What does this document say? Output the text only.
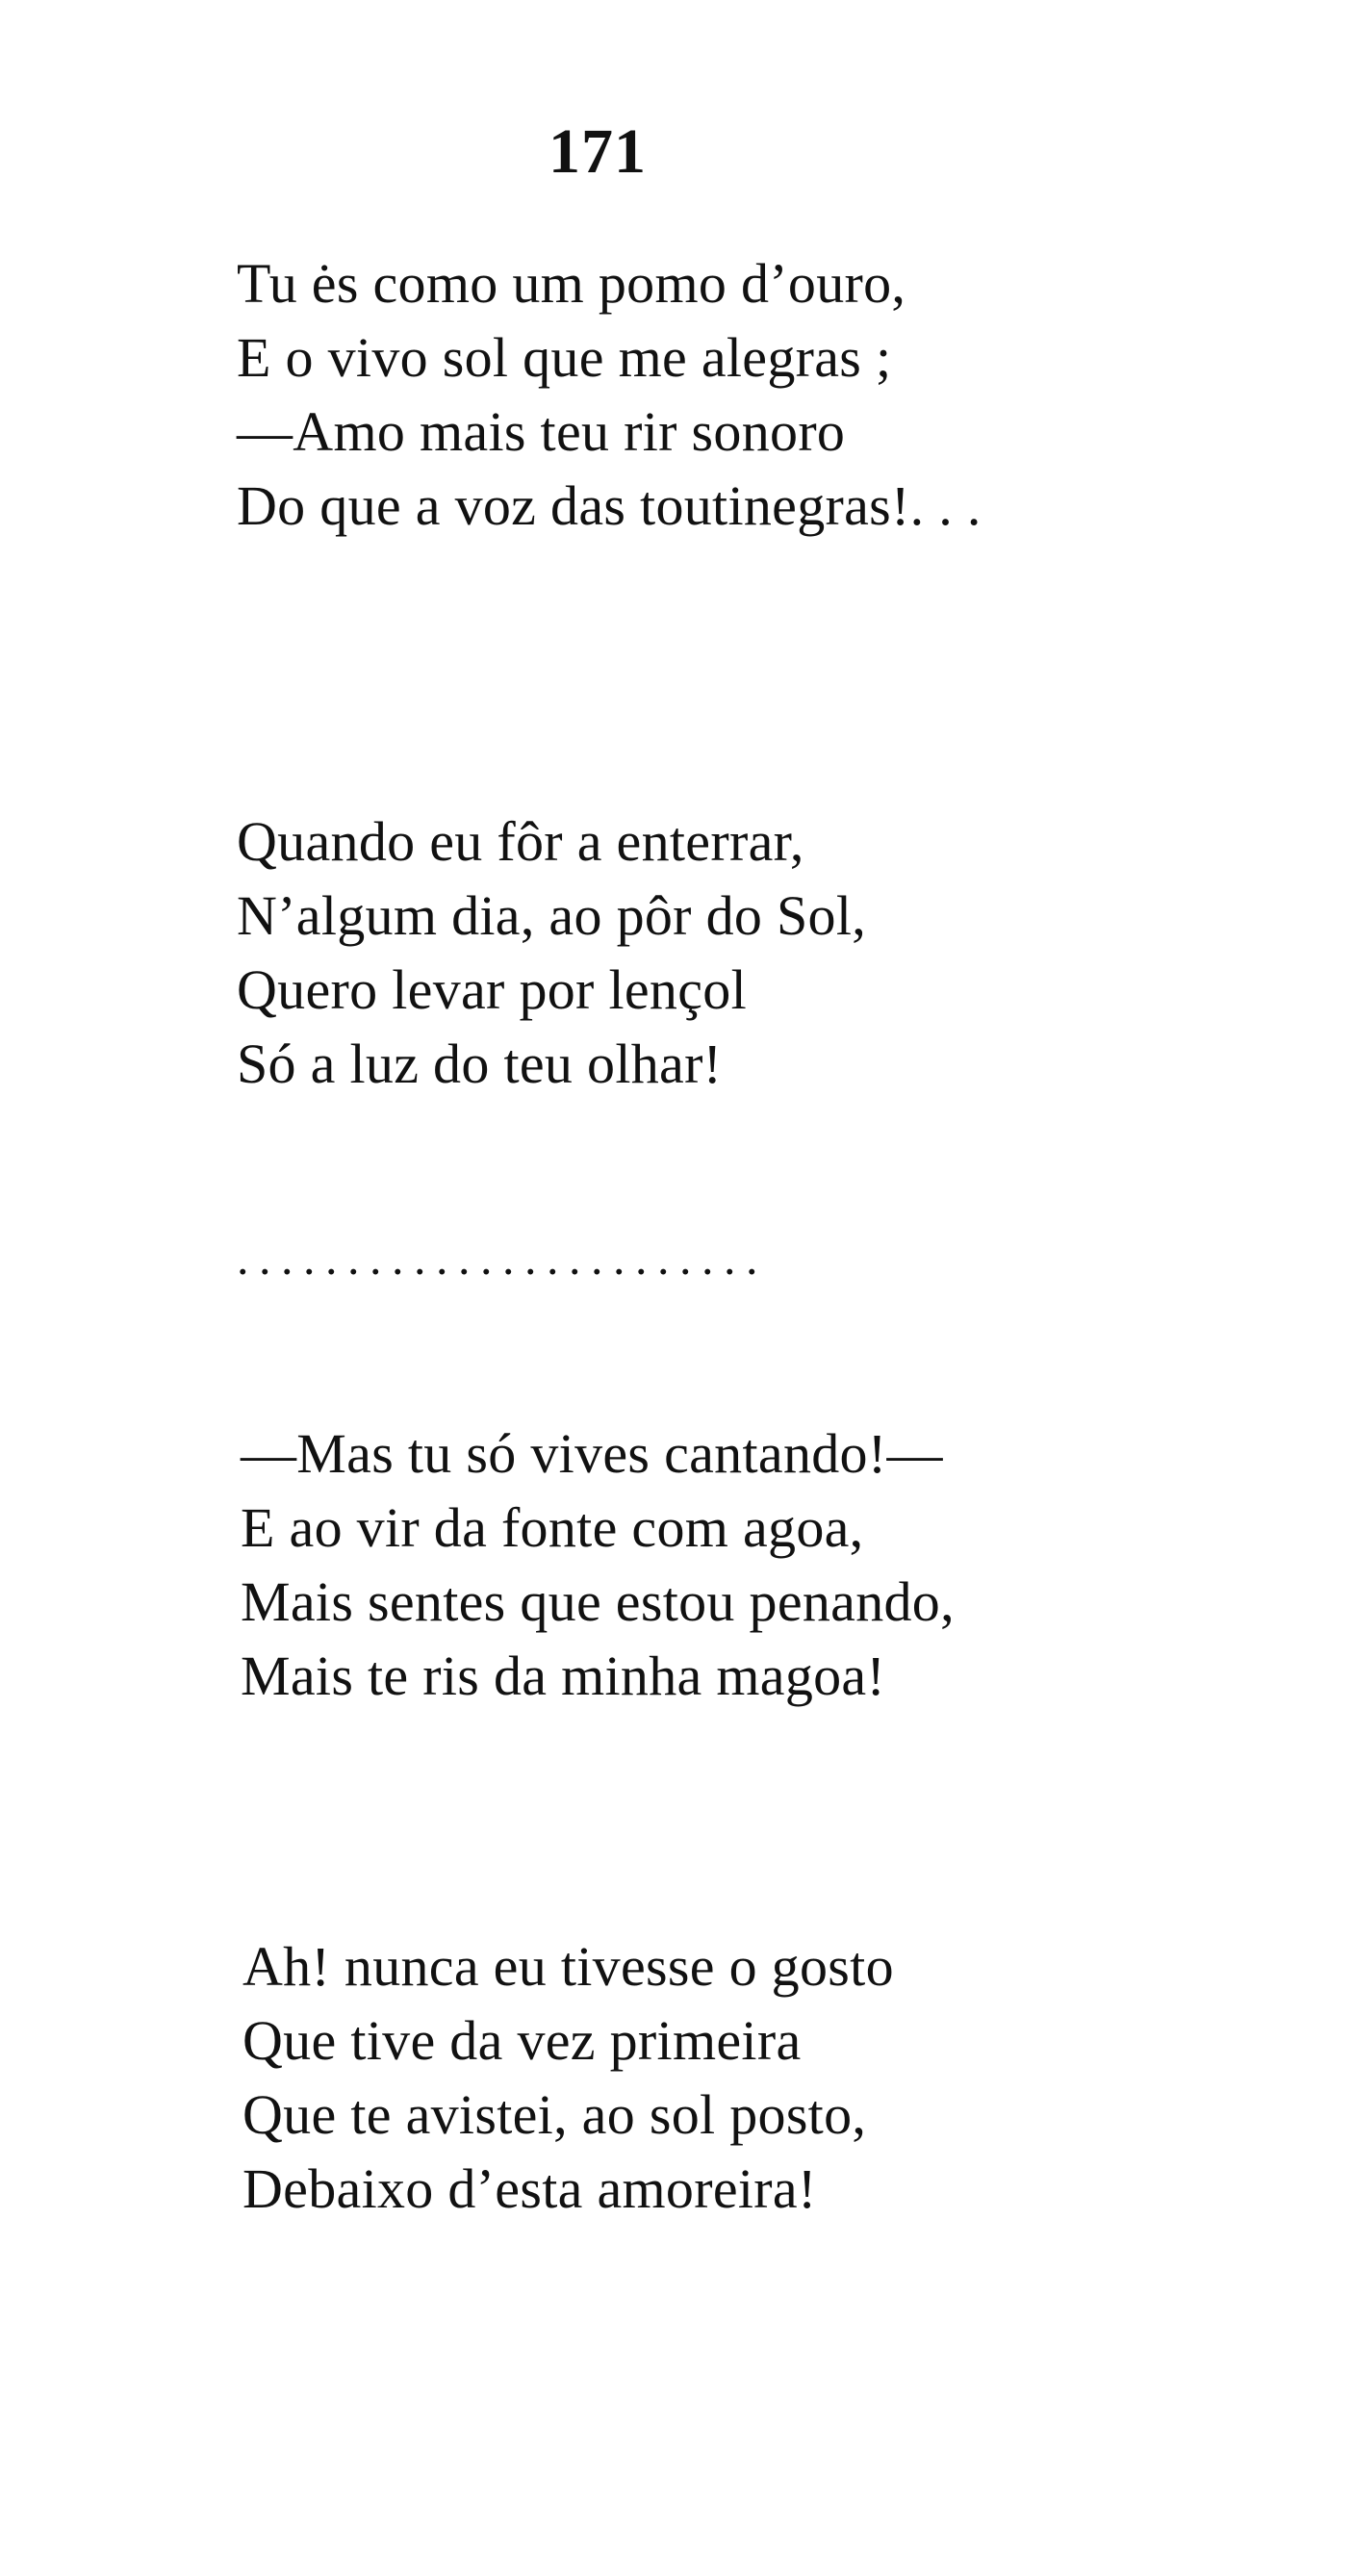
171
Tu ės como um pomo d’ouro,
E o vivo sol que me alegras ;
—Amo mais teu rir sonoro
Do que a voz das toutinegras!. . .
Quando eu fôr a enterrar,
N’algum dia, ao pôr do Sol,
Quero levar por lençol
Só a luz do teu olhar!
........................
—Mas tu só vives cantando!—
E ao vir da fonte com agoa,
Mais sentes que estou penando,
Mais te ris da minha magoa!
Ah! nunca eu tivesse o gosto
Que tive da vez primeira
Que te avistei, ao sol posto,
Debaixo d’esta amoreira!
